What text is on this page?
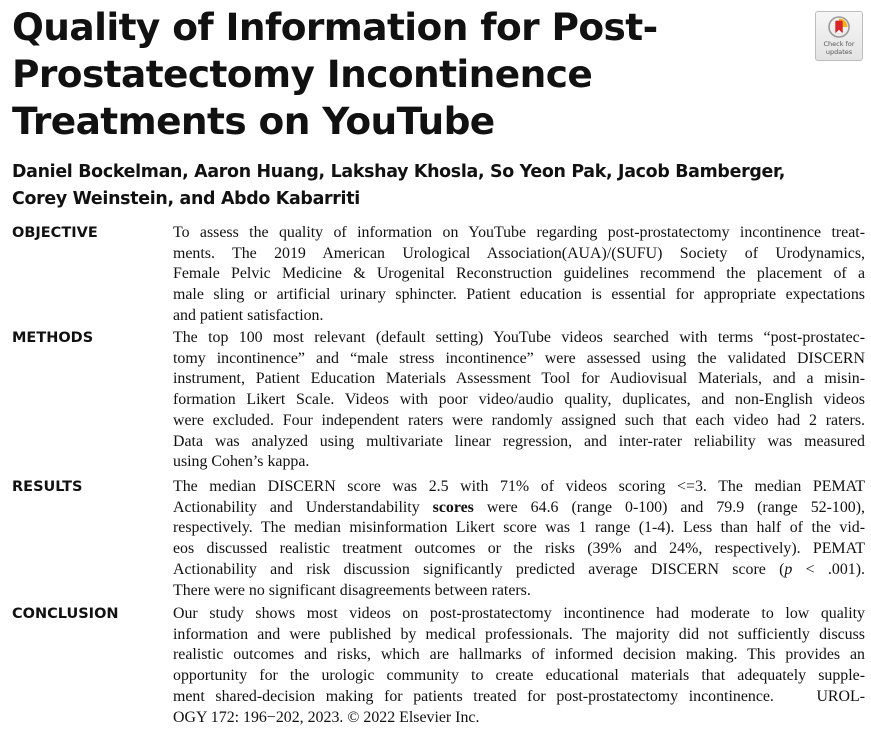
Quality of Information for Post-
Prostatectomy Incontinence
Treatments on YouTube
Check for
updates
Daniel Bockelman, Aaron Huang, Lakshay Khosla, So Yeon Pak, Jacob Bamberger,
Corey Weinstein, and Abdo Kabarriti
OBJECTIVE	To assess the quality of information on YouTube regarding post-prostatectomy incontinence treat-
ments. The 2019 American Urological Association(AUA)/(SUFU) Society of Urodynamics,
Female Pelvic Medicine & Urogenital Reconstruction guidelines recommend the placement of a
male sling or artificial urinary sphincter. Patient education is essential for appropriate expectations
and patient satisfaction.
METHODS	The top 100 most relevant (default setting) YouTube videos searched with terms “post-prostatec-
tomy incontinence” and “male stress incontinence” were assessed using the validated DISCERN
instrument, Patient Education Materials Assessment Tool for Audiovisual Materials, and a misin-
formation Likert Scale. Videos with poor video/audio quality, duplicates, and non-English videos
were excluded. Four independent raters were randomly assigned such that each video had 2 raters.
Data was analyzed using multivariate linear regression, and inter-rater reliability was measured
using Cohen’s kappa.
RESULTS	The median DISCERN score was 2.5 with 71% of videos scoring <=3. The median PEMAT
Actionability and Understandability scores were 64.6 (range 0-100) and 79.9 (range 52-100),
respectively. The median misinformation Likert score was 1 range (1-4). Less than half of the vid-
eos discussed realistic treatment outcomes or the risks (39% and 24%, respectively). PEMAT
Actionability and risk discussion significantly predicted average DISCERN score (p < .001).
There were no significant disagreements between raters.
CONCLUSION	Our study shows most videos on post-prostatectomy incontinence had moderate to low quality
information and were published by medical professionals. The majority did not sufficiently discuss
realistic outcomes and risks, which are hallmarks of informed decision making. This provides an
opportunity for the urologic community to create educational materials that adequately supple-
ment shared-decision making for patients treated for post-prostatectomy incontinence.    UROL-
OGY 172: 196−202, 2023. © 2022 Elsevier Inc.
